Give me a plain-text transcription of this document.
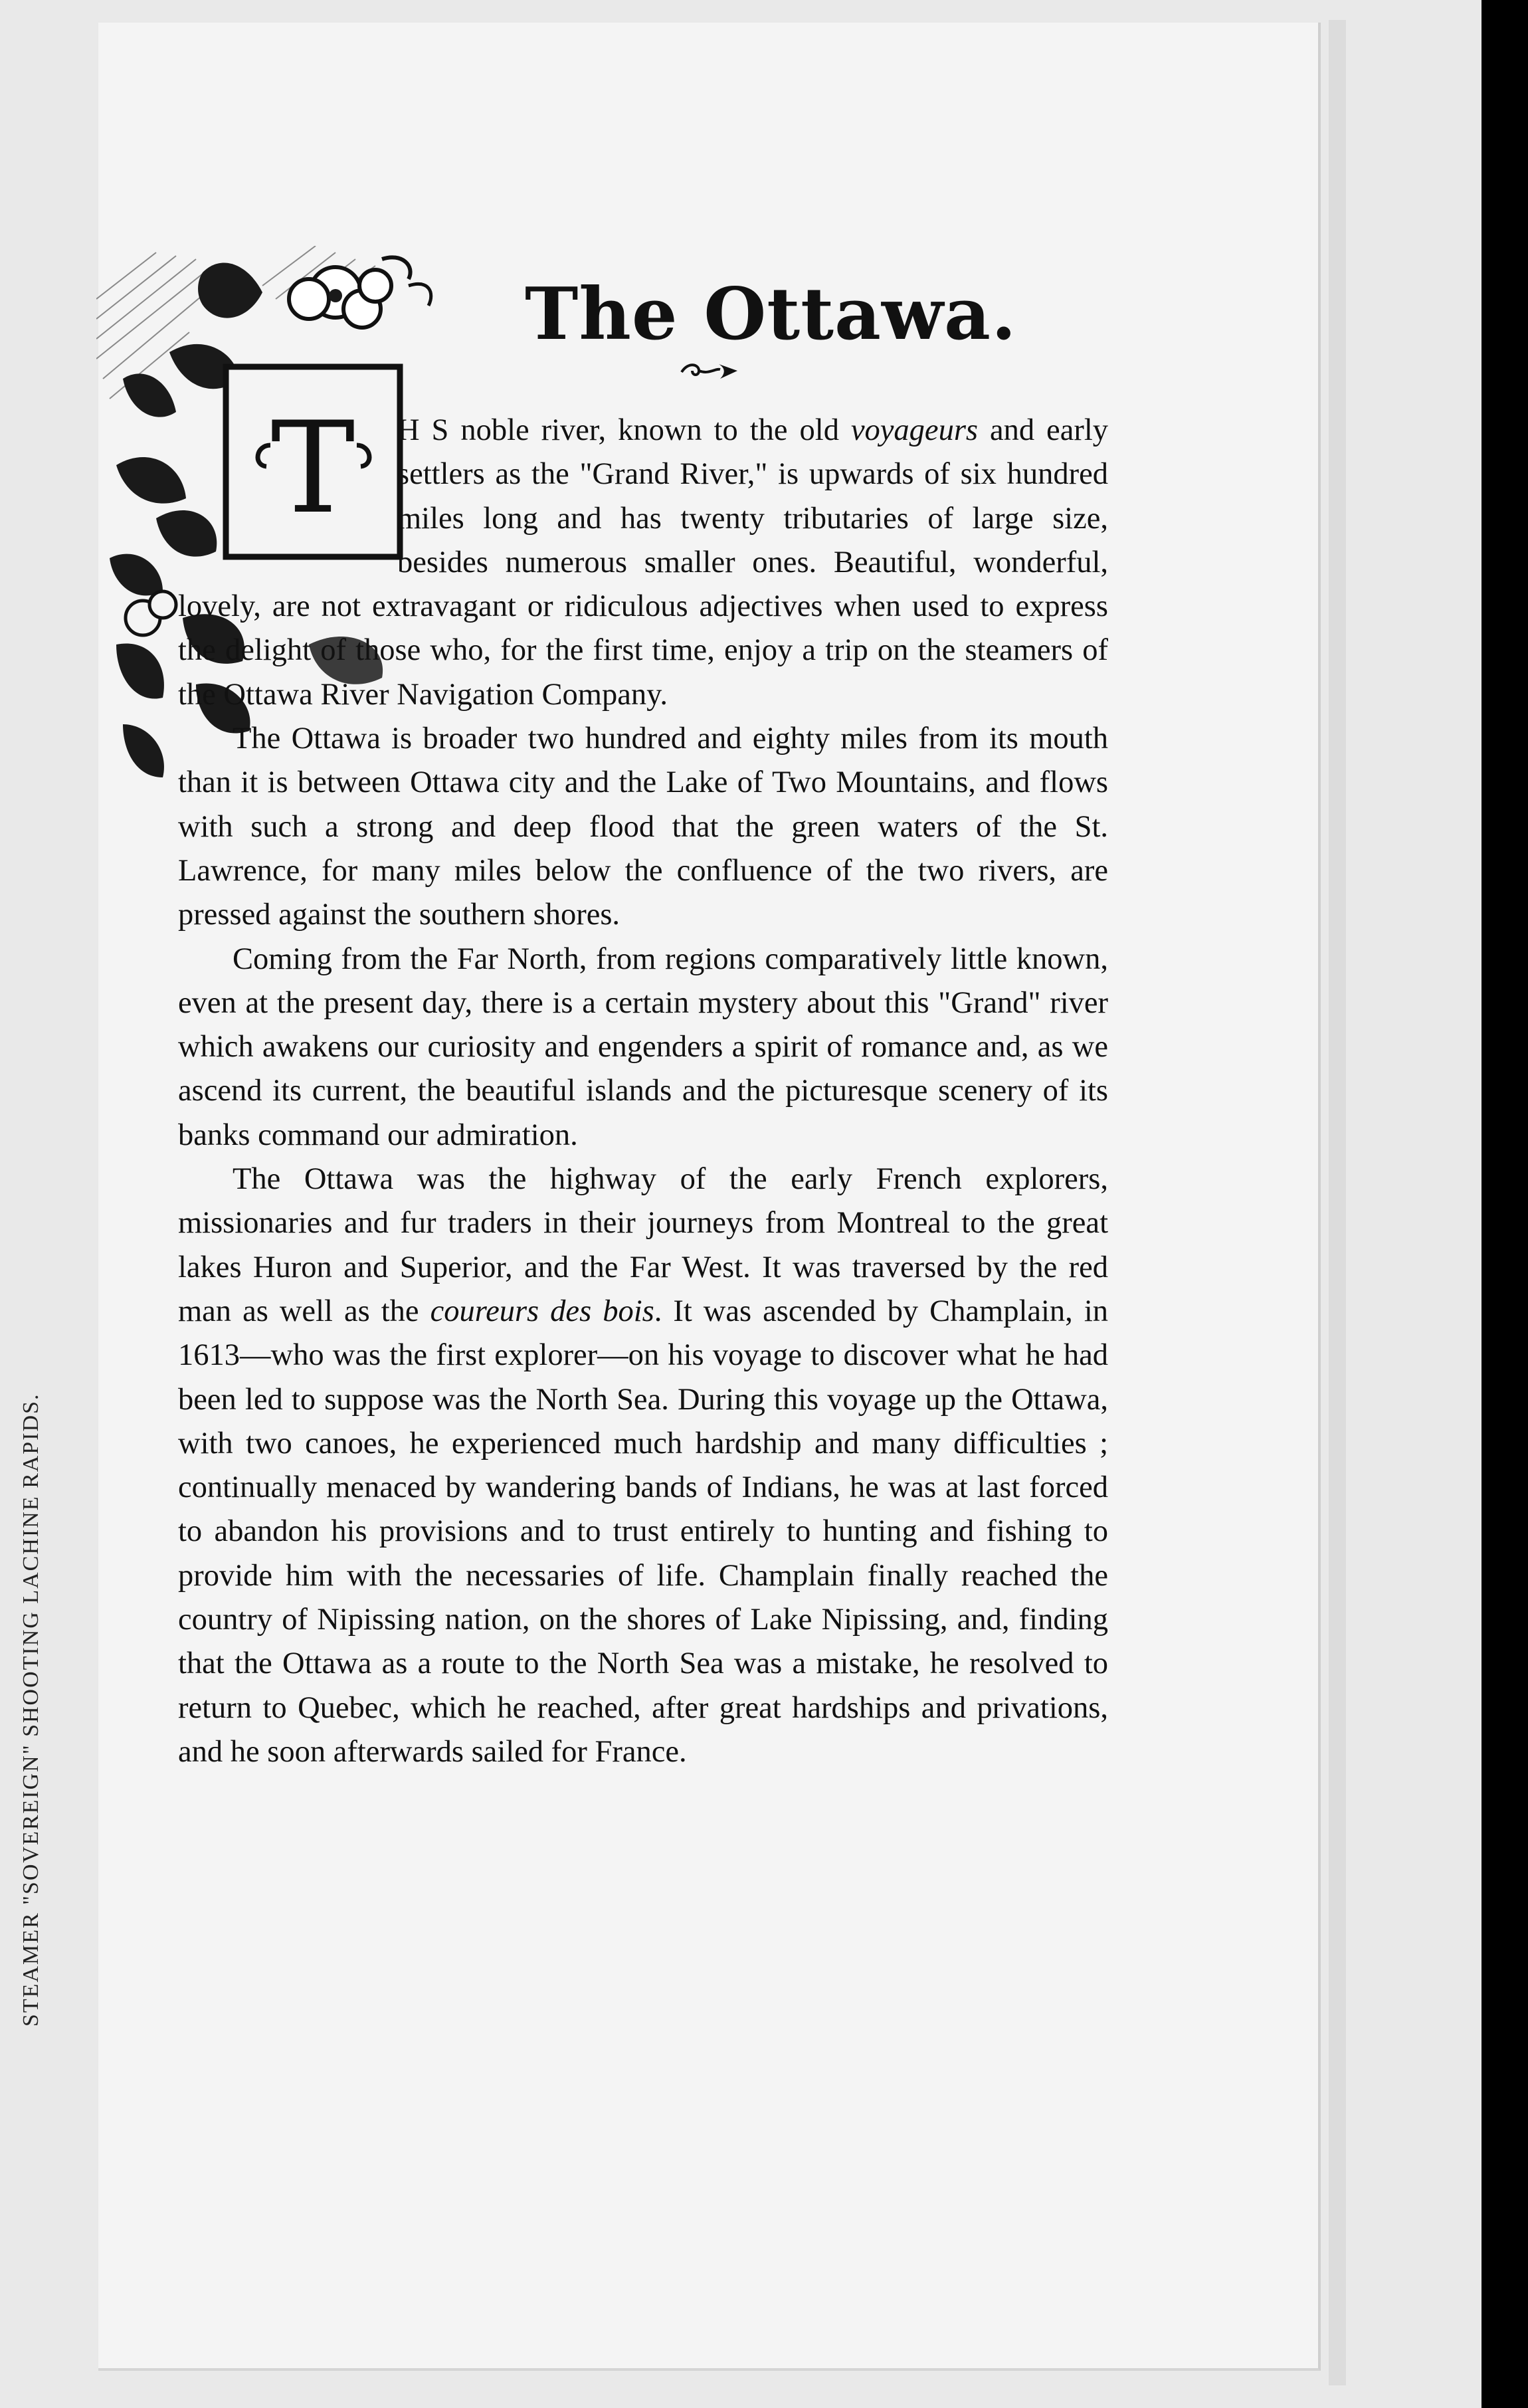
STEAMER "SOVEREIGN" SHOOTING LACHINE RAPIDS.
T
The Ottawa.

H S noble river, known to the old voyageurs and early settlers as the "Grand River," is upwards of six hundred miles long and has twenty tributaries of large size, besides numerous smaller ones. Beautiful, wonderful, lovely, are not extravagant or ridiculous adjectives when used to express the delight of those who, for the first time, enjoy a trip on the steamers of the Ottawa River Navigation Company.

The Ottawa is broader two hundred and eighty miles from its mouth than it is between Ottawa city and the Lake of Two Mountains, and flows with such a strong and deep flood that the green waters of the St. Lawrence, for many miles below the confluence of the two rivers, are pressed against the southern shores.

Coming from the Far North, from regions comparatively little known, even at the present day, there is a certain mystery about this "Grand" river which awakens our curiosity and engenders a spirit of romance and, as we ascend its current, the beautiful islands and the picturesque scenery of its banks command our admiration.

The Ottawa was the highway of the early French explorers, missionaries and fur traders in their journeys from Montreal to the great lakes Huron and Superior, and the Far West. It was traversed by the red man as well as the coureurs des bois. It was ascended by Champlain, in 1613—who was the first explorer—on his voyage to discover what he had been led to suppose was the North Sea. During this voyage up the Ottawa, with two canoes, he experienced much hardship and many difficulties ; continually menaced by wandering bands of Indians, he was at last forced to abandon his provisions and to trust entirely to hunting and fishing to provide him with the necessaries of life. Champlain finally reached the country of Nipissing nation, on the shores of Lake Nipissing, and, finding that the Ottawa as a route to the North Sea was a mistake, he resolved to return to Quebec, which he reached, after great hardships and privations, and he soon afterwards sailed for France.
